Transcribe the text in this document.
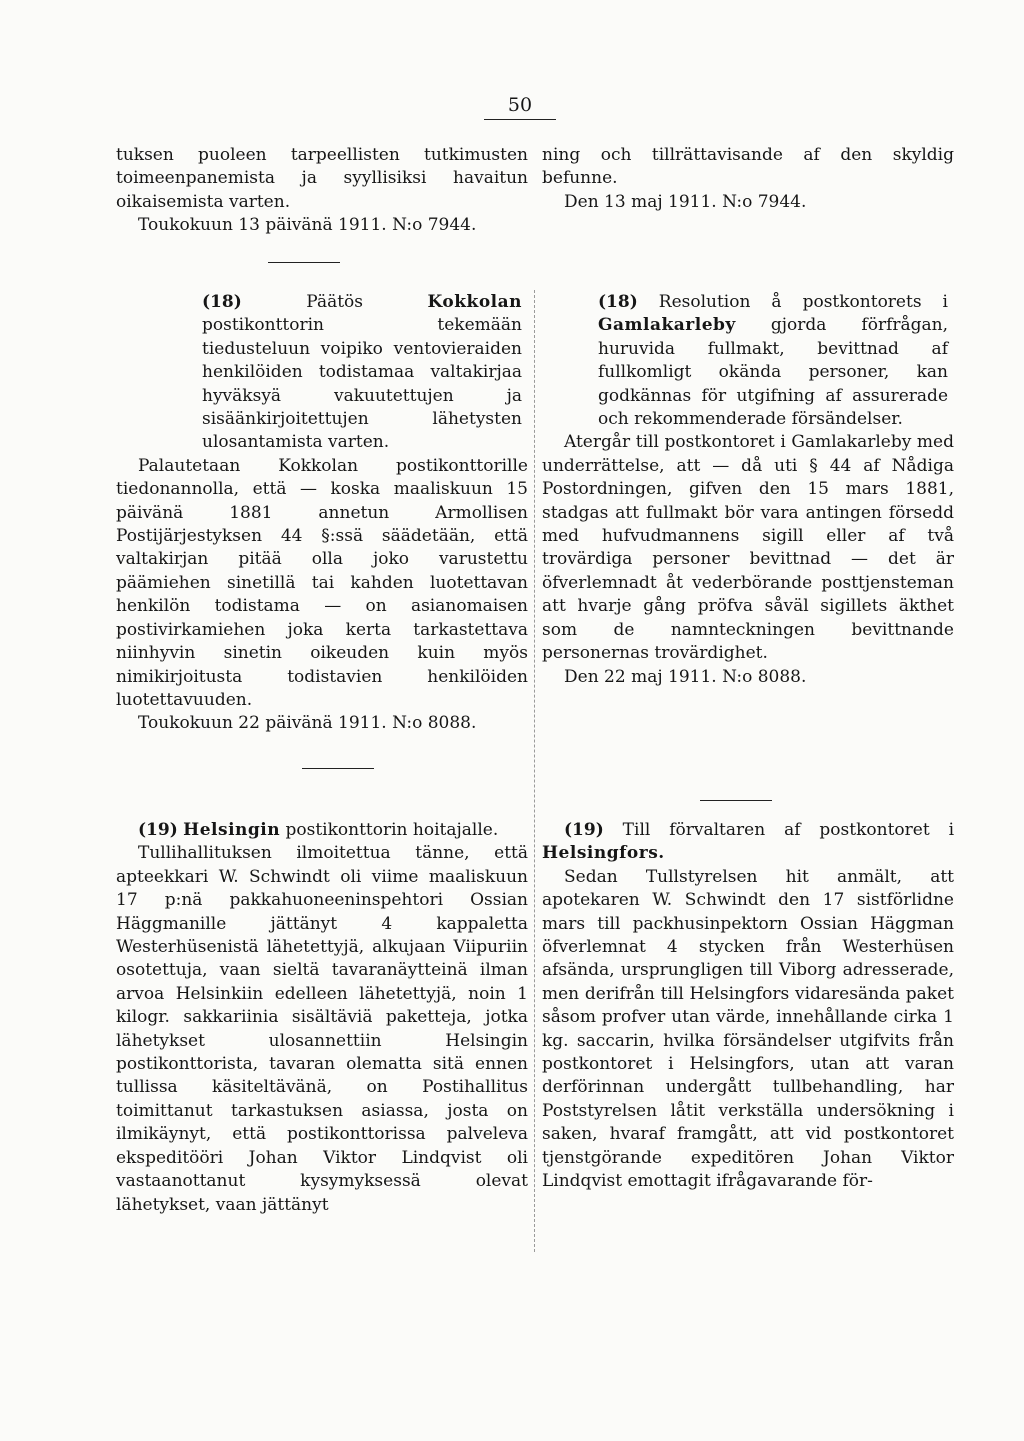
50

tuksen puoleen tarpeellisten tutkimusten toimeenpanemista ja syyllisiksi havaitun oikaisemista varten.

Toukokuun 13 päivänä 1911. N:o 7944.

(18)	Päätös	Kokkolan postikonttorin tekemään tiedusteluun voipiko ventovieraiden henkilöiden todistamaa valtakirjaa hyväksyä vakuutettujen ja sisäänkirjoitettujen lähetysten ulosantamista varten.

Palautetaan Kokkolan postikonttorille tiedonannolla, että — koska maaliskuun 15 päivänä 1881 annetun Armollisen Postijärjestyksen 44 §:ssä säädetään, että valtakirjan pitää olla joko varustettu päämiehen sinetillä tai kahden luotettavan henkilön todistama — on asianomaisen postivirkamiehen joka kerta tarkastettava niinhyvin sinetin oikeuden kuin myös nimikirjoitusta todistavien henkilöiden luotettavuuden.

Toukokuun 22 päivänä 1911. N:o 8088.

(19) Helsingin postikonttorin hoitajalle.

Tullihallituksen ilmoitettua tänne, että apteekkari W. Schwindt oli viime maaliskuun 17 p:nä pakkahuoneeninspehtori Ossian Häggmanille jättänyt 4 kappaletta Westerhüsenistä lähetettyjä, alkujaan Viipuriin osotettuja, vaan sieltä tavaranäytteinä ilman arvoa Helsinkiin edelleen lähetettyjä, noin 1 kilogr. sakkariinia sisältäviä paketteja, jotka lähetykset ulosannettiin Helsingin postikonttorista, tavaran olematta sitä ennen tullissa käsiteltävänä, on Postihallitus toimittanut tarkastuksen asiassa, josta on ilmikäynyt, että postikonttorissa palveleva ekspeditööri Johan Viktor Lindqvist oli vastaanottanut kysymyksessä olevat lähetykset, vaan jättänyt

ning och tillrättavisande af den skyldig befunne.

Den 13 maj 1911. N:o 7944.

(18) Resolution å postkontorets i Gamlakarleby gjorda förfrågan, huruvida fullmakt, bevittnad af fullkomligt okända personer, kan godkännas för utgifning af assurerade och rekommenderade försändelser.

Atergår till postkontoret i Gamlakarleby med underrättelse, att — då uti § 44 af Nådiga Postordningen, gifven den 15 mars 1881, stadgas att fullmakt bör vara antingen försedd med hufvudmannens sigill eller af två trovärdiga personer bevittnad — det är öfverlemnadt åt vederbörande posttjensteman att hvarje gång pröfva såväl sigillets äkthet som de namnteckningen bevittnande personernas trovärdighet.

Den 22 maj 1911. N:o 8088.

(19) Till förvaltaren af postkontoret i Helsingfors.

Sedan Tullstyrelsen hit anmält, att apotekaren W. Schwindt den 17 sistförlidne mars till packhusinpektorn Ossian Häggman öfverlemnat 4 stycken från Westerhüsen afsända, ursprungligen till Viborg adresserade, men derifrån till Helsingfors vidaresända paket såsom profver utan värde, innehållande cirka 1 kg. saccarin, hvilka försändelser utgifvits från postkontoret i Helsingfors, utan att varan derförinnan undergått tullbehandling, har Poststyrelsen låtit verkställa undersökning i saken, hvaraf framgått, att vid postkontoret tjenstgörande expeditören Johan Viktor Lindqvist emottagit ifrågavarande för-
